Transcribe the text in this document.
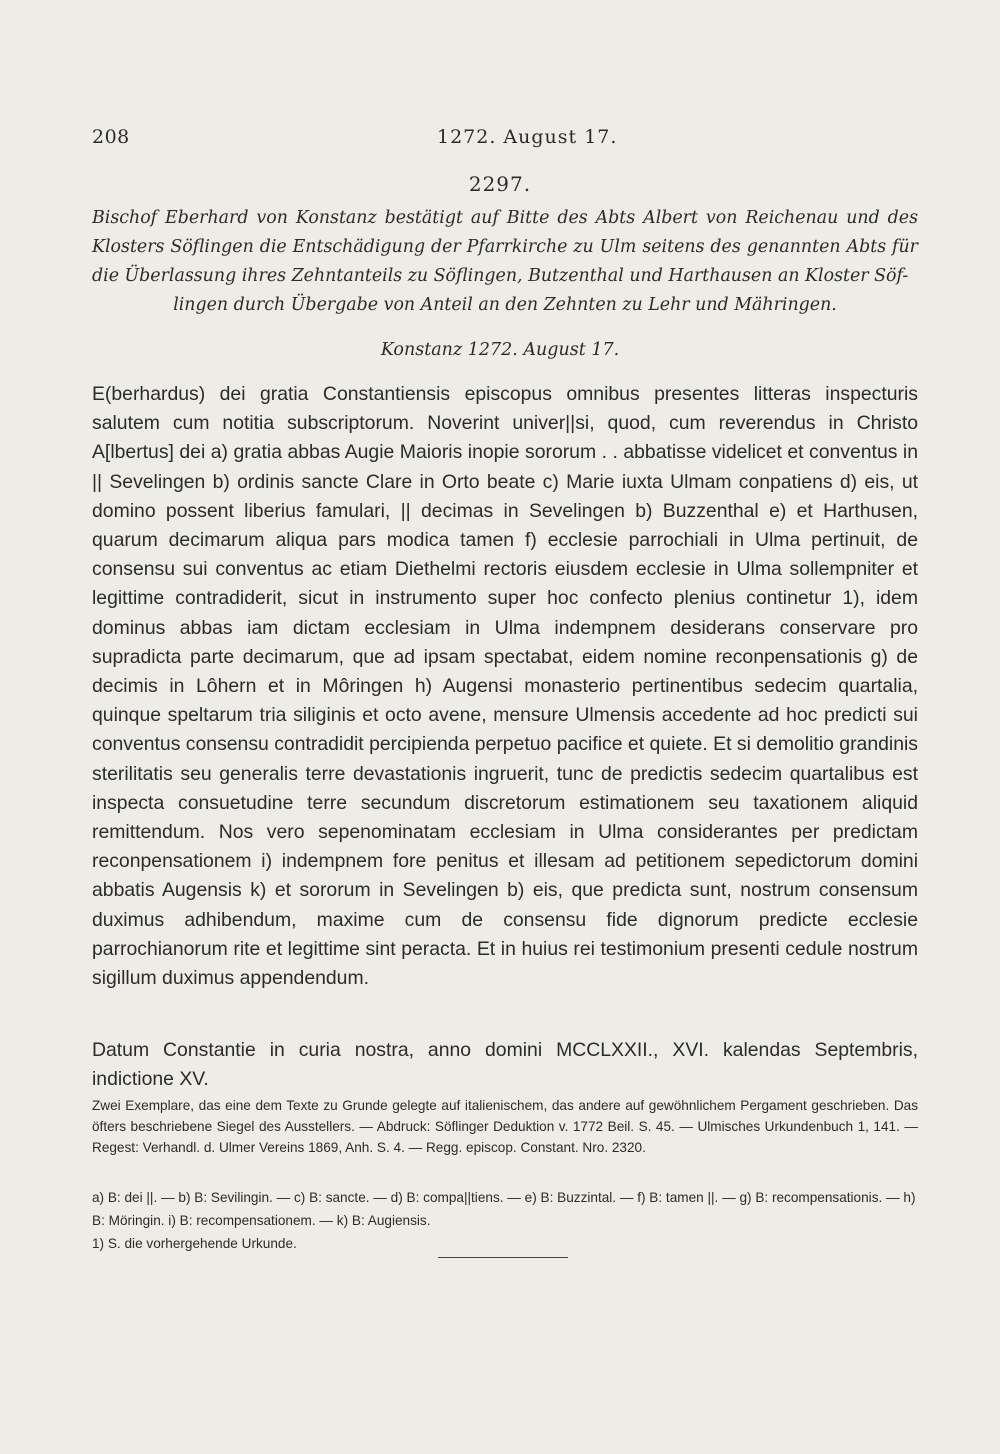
208	1272. August 17.
2297.
Bischof Eberhard von Konstanz bestätigt auf Bitte des Abts Albert von Reichenau und des Klosters Söflingen die Entschädigung der Pfarrkirche zu Ulm seitens des genannten Abts für die Überlassung ihres Zehntanteils zu Söflingen, Butzenthal und Harthausen an Kloster Söf-
lingen durch Übergabe von Anteil an den Zehnten zu Lehr und Mähringen.
Konstanz 1272. August 17.

E(berhardus) dei gratia Constantiensis episcopus omnibus presentes litteras inspecturis salutem cum notitia subscriptorum. Noverint univer||si, quod, cum reverendus in Christo A[lbertus] dei a) gratia abbas Augie Maioris inopie sororum . . abbatisse videlicet et conventus in || Sevelingen b) ordinis sancte Clare in Orto beate c) Marie iuxta Ulmam conpatiens d) eis, ut domino possent liberius famulari, || decimas in Sevelingen b) Buzzenthal e) et Harthusen, quarum decimarum aliqua pars modica tamen f) ecclesie parrochiali in Ulma pertinuit, de consensu sui conventus ac etiam Diethelmi rectoris eiusdem ecclesie in Ulma sollempniter et legittime contradiderit, sicut in instrumento super hoc confecto plenius continetur 1), idem dominus abbas iam dictam ecclesiam in Ulma indempnem desiderans conservare pro supradicta parte decimarum, que ad ipsam spectabat, eidem nomine reconpensationis g) de decimis in Lôhern et in Môringen h) Augensi monasterio pertinentibus sedecim quartalia, quinque speltarum tria siliginis et octo avene, mensure Ulmensis accedente ad hoc predicti sui conventus consensu contradidit percipienda perpetuo pacifice et quiete. Et si demolitio grandinis sterilitatis seu generalis terre devastationis ingruerit, tunc de predictis sedecim quartalibus est inspecta consuetudine terre secundum discretorum estimationem seu taxationem aliquid remittendum. Nos vero sepenominatam ecclesiam in Ulma considerantes per predictam reconpensationem i) indempnem fore penitus et illesam ad petitionem sepedictorum domini abbatis Augensis k) et sororum in Sevelingen b) eis, que predicta sunt, nostrum consensum duximus adhibendum, maxime cum de consensu fide dignorum predicte ecclesie parrochianorum rite et legittime sint peracta. Et in huius rei testimonium presenti cedule nostrum sigillum duximus appendendum.

Datum Constantie in curia nostra, anno domini MCCLXXII., XVI. kalendas Septembris, indictione XV.

Zwei Exemplare, das eine dem Texte zu Grunde gelegte auf italienischem, das andere auf gewöhnlichem Pergament geschrieben. Das öfters beschriebene Siegel des Ausstellers. — Abdruck: Söflinger Deduktion v. 1772 Beil. S. 45. — Ulmisches Urkundenbuch 1, 141. — Regest: Verhandl. d. Ulmer Vereins 1869, Anh. S. 4. — Regg. episcop. Constant. Nro. 2320.

a) B: dei ||. — b) B: Sevilingin. — c) B: sancte. — d) B: compa||tiens. — e) B: Buzzintal. — f) B: tamen ||. — g) B: recompensationis. — h) B: Möringin. i) B: recompensationem. — k) B: Augiensis.

1) S. die vorhergehende Urkunde.
